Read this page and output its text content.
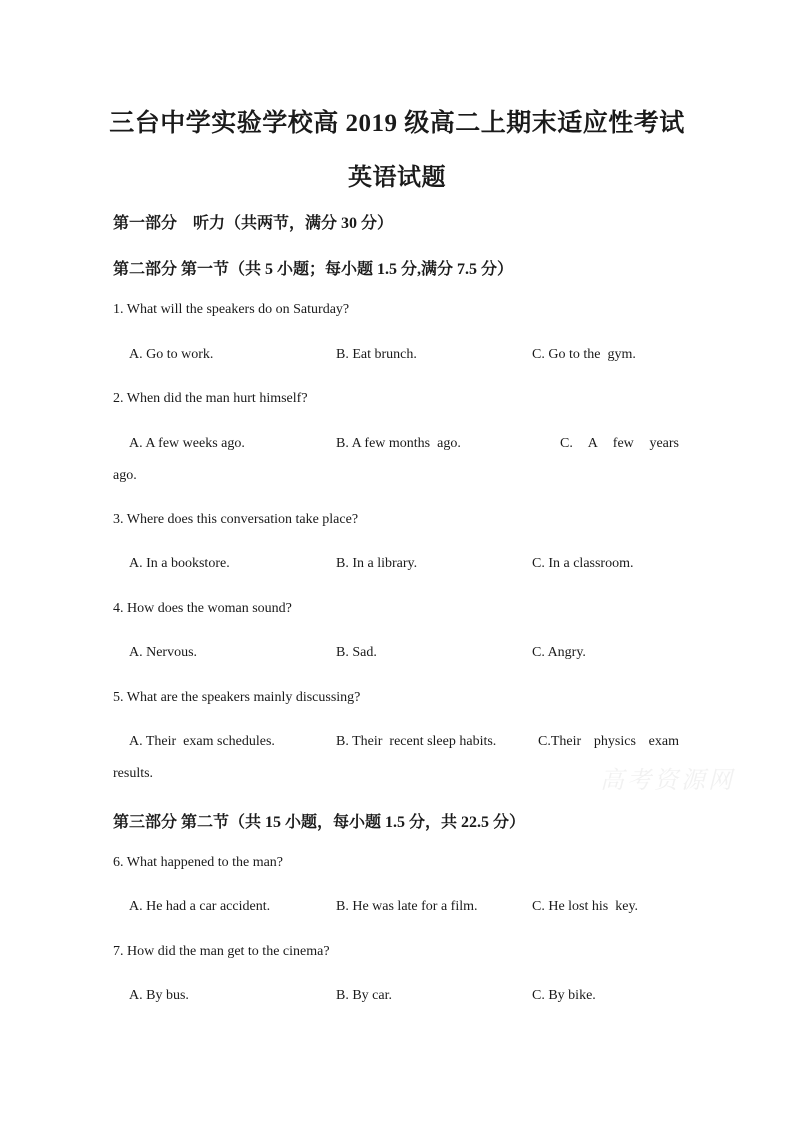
三台中学实验学校高 2019 级高二上期末适应性考试
英语试题
第一部分　听力（共两节，满分 30 分）
第二部分 第一节（共 5 小题；每小题 1.5 分,满分 7.5 分）
1. What will the speakers do on Saturday?
A. Go to work.	B. Eat brunch.	C. Go to the  gym.
2. When did the man hurt himself?
A. A few weeks ago.	B. A few months  ago.	C. A few years
ago.
3. Where does this conversation take place?
A. In a bookstore.	B. In a library.	C. In a classroom.
4. How does the woman sound?
A. Nervous.	B. Sad.	C. Angry.
5. What are the speakers mainly discussing?
A. Their  exam schedules.	B. Their  recent sleep habits.	C.Their physics exam
results.	高考资源网
第三部分 第二节（共 15 小题，每小题 1.5 分，共 22.5 分）
6. What happened to the man?
A. He had a car accident.	B. He was late for a film.	C. He lost his  key.
7. How did the man get to the cinema?
A. By bus.	B. By car.	C. By bike.
